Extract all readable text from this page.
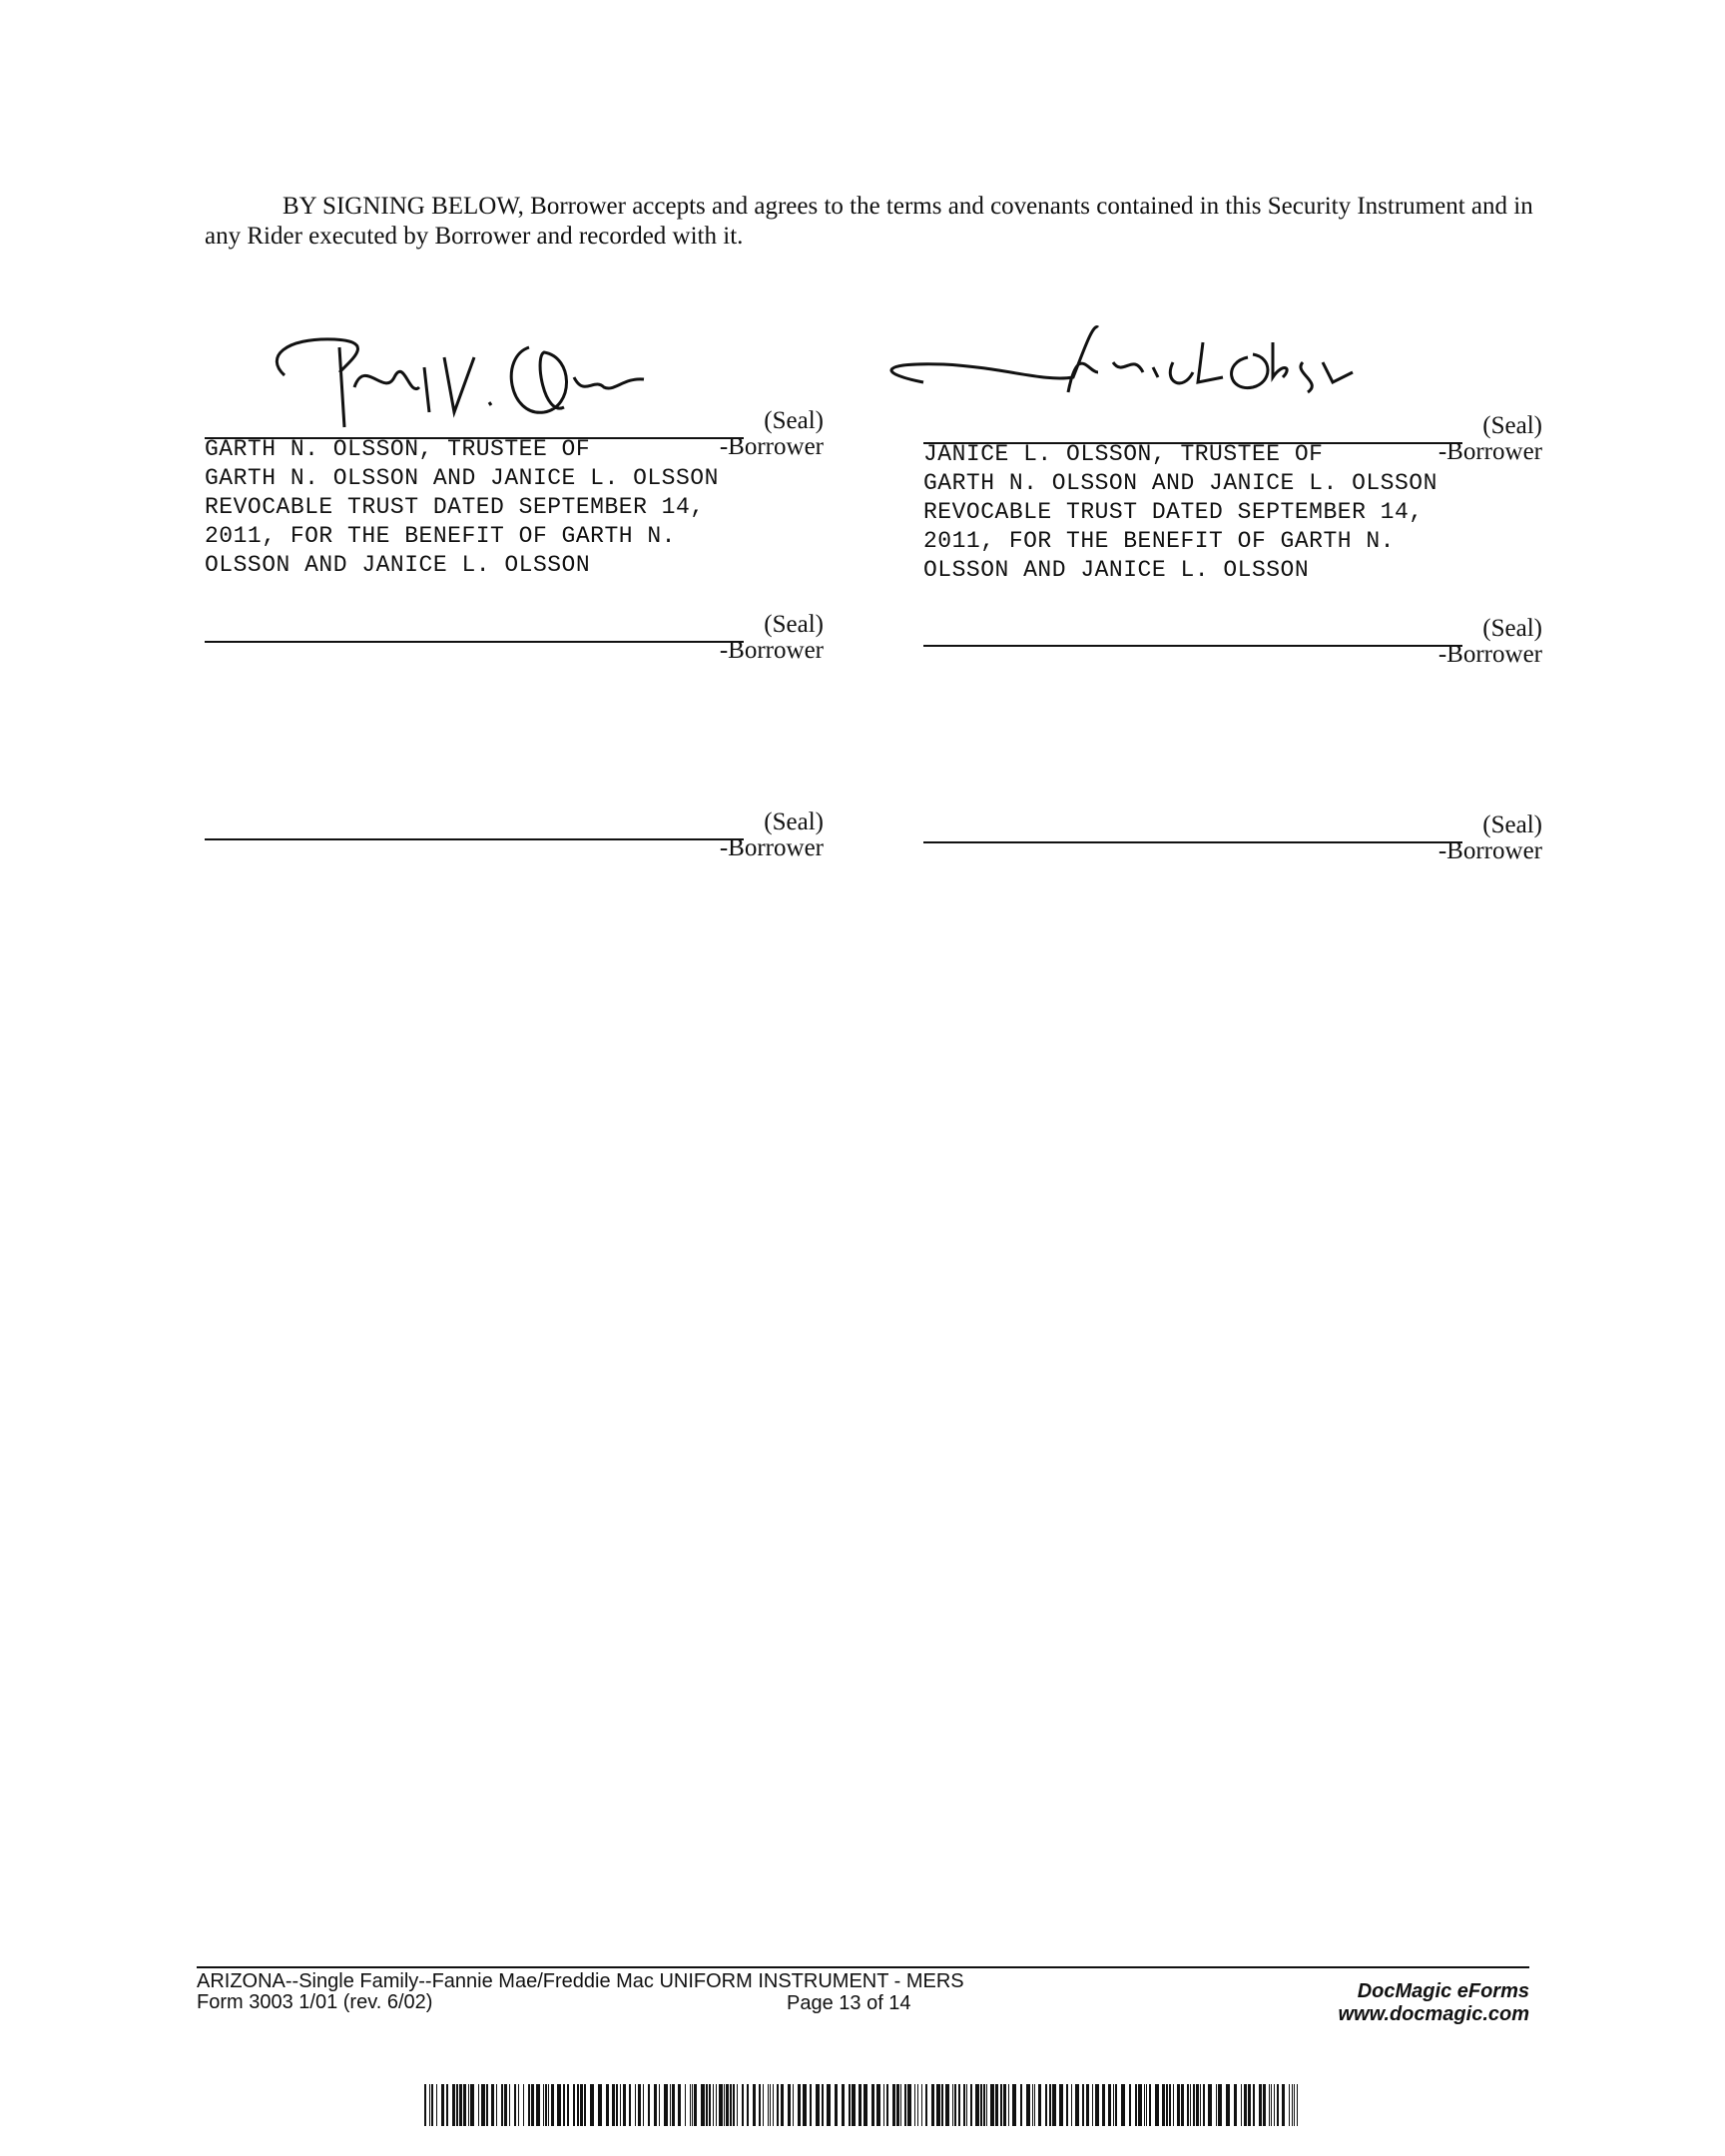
BY SIGNING BELOW, Borrower accepts and agrees to the terms and covenants contained in this Security Instrument and in any Rider executed by Borrower and recorded with it.
(Seal)
-Borrower
GARTH N. OLSSON, TRUSTEE OF
GARTH N. OLSSON AND JANICE L. OLSSON
REVOCABLE TRUST DATED SEPTEMBER 14,
2011, FOR THE BENEFIT OF GARTH N.
OLSSON AND JANICE L. OLSSON
(Seal)
-Borrower
JANICE L. OLSSON, TRUSTEE OF
GARTH N. OLSSON AND JANICE L. OLSSON
REVOCABLE TRUST DATED SEPTEMBER 14,
2011, FOR THE BENEFIT OF GARTH N.
OLSSON AND JANICE L. OLSSON
(Seal)
-Borrower
(Seal)
-Borrower
(Seal)
-Borrower
(Seal)
-Borrower
ARIZONA--Single Family--Fannie Mae/Freddie Mac UNIFORM INSTRUMENT - MERS
Form 3003 1/01 (rev. 6/02)	Page 13 of 14
DocMagic eForms
www.docmagic.com
